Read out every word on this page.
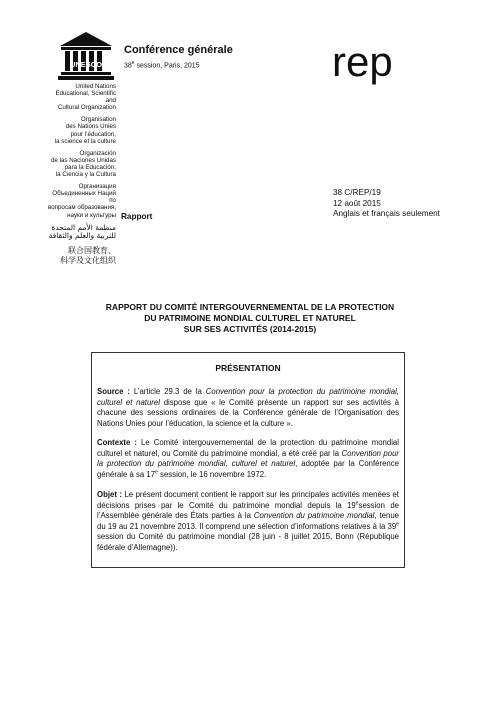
UNESCO
United Nations
Educational, Scientific and
Cultural Organization
Organisation
des Nations Unies
pour l’éducation,
la science et la culture
Organización
de las Naciones Unidas
para la Educación,
la Ciencia y la Cultura
Организация
Объединенных Наций по
вопросам образования,
науки и культуры
منظمة الأمم المتحدة
للتربية والعلم والثقافة
联合国教育、
科学及文化组织
Conférence générale
38e session, Paris, 2015	rep
38 C/REP/19
12 août 2015
Anglais et français seulement
Rapport
RAPPORT DU COMITÉ INTERGOUVERNEMENTAL DE LA PROTECTION
DU PATRIMOINE MONDIAL CULTUREL ET NATUREL
SUR SES ACTIVITÉS (2014-2015)
PRÉSENTATION
Source : L’article 29.3 de la Convention pour la protection du patrimoine mondial, culturel et naturel dispose que « le Comité présente un rapport sur ses activités à chacune des sessions ordinaires de la Conférence générale de l’Organisation des Nations Unies pour l’éducation, la science et la culture ».
Contexte : Le Comité intergouvernemental de la protection du patrimoine mondial culturel et naturel, ou Comité du patrimoine mondial, a été créé par la Convention pour la protection du patrimoine mondial, culturel et naturel, adoptée par la Conférence générale à sa 17e session, le 16 novembre 1972.
Objet : Le présent document contient le rapport sur les principales activités menées et décisions prises par le Comité du patrimoine mondial depuis la 19esession de l’Assemblée générale des États parties à la Convention du patrimoine mondial, tenue du 19 au 21 novembre 2013. Il comprend une sélection d’informations relatives à la 39e session du Comité du patrimoine mondial (28 juin - 8 juillet 2015, Bonn (République fédérale d’Allemagne)).
